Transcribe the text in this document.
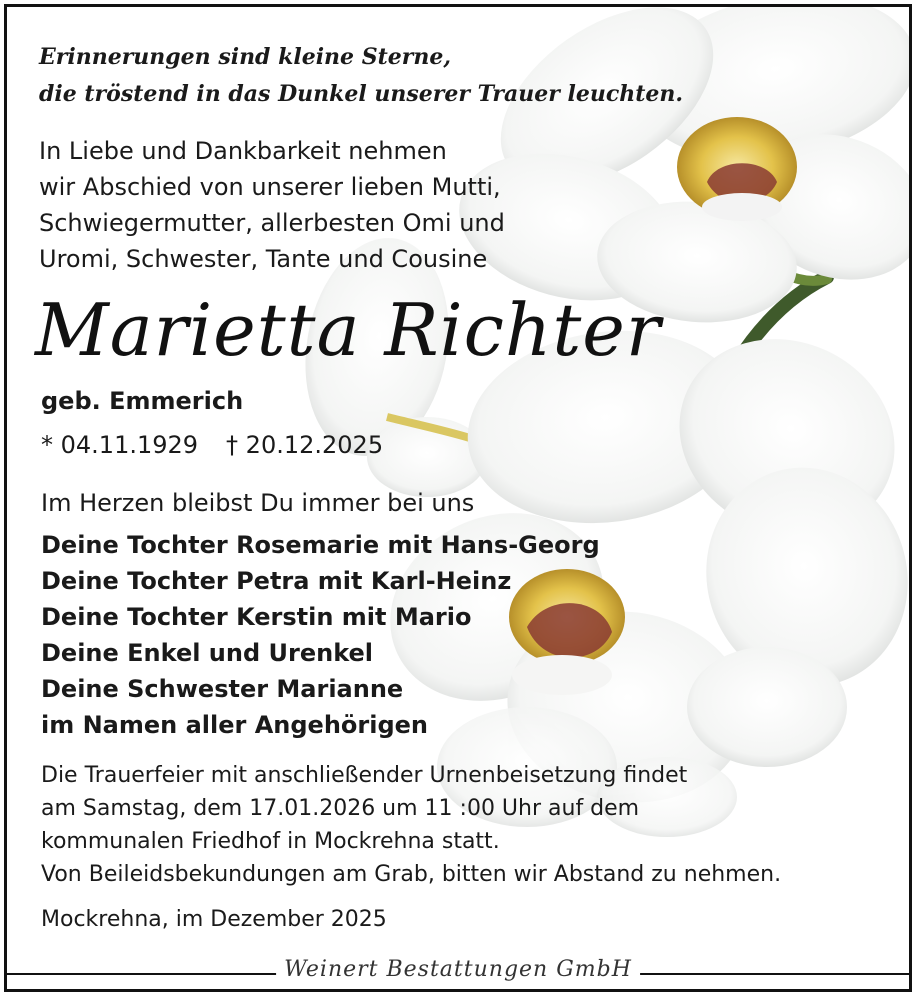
Erinnerungen sind kleine Sterne,
die tröstend in das Dunkel unserer Trauer leuchten.
In Liebe und Dankbarkeit nehmen
wir Abschied von unserer lieben Mutti,
Schwiegermutter, allerbesten Omi und
Uromi, Schwester, Tante und Cousine
Marietta Richter
geb. Emmerich
* 04.11.1929 † 20.12.2025
Im Herzen bleibst Du immer bei uns
Deine Tochter Rosemarie mit Hans-Georg
Deine Tochter Petra mit Karl-Heinz
Deine Tochter Kerstin mit Mario
Deine Enkel und Urenkel
Deine Schwester Marianne
im Namen aller Angehörigen
Die Trauerfeier mit anschließender Urnenbeisetzung findet
am Samstag, dem 17.01.2026 um 11 :00 Uhr auf dem
kommunalen Friedhof in Mockrehna statt.
Von Beileidsbekundungen am Grab, bitten wir Abstand zu nehmen.
Mockrehna, im Dezember 2025
Weinert Bestattungen GmbH
